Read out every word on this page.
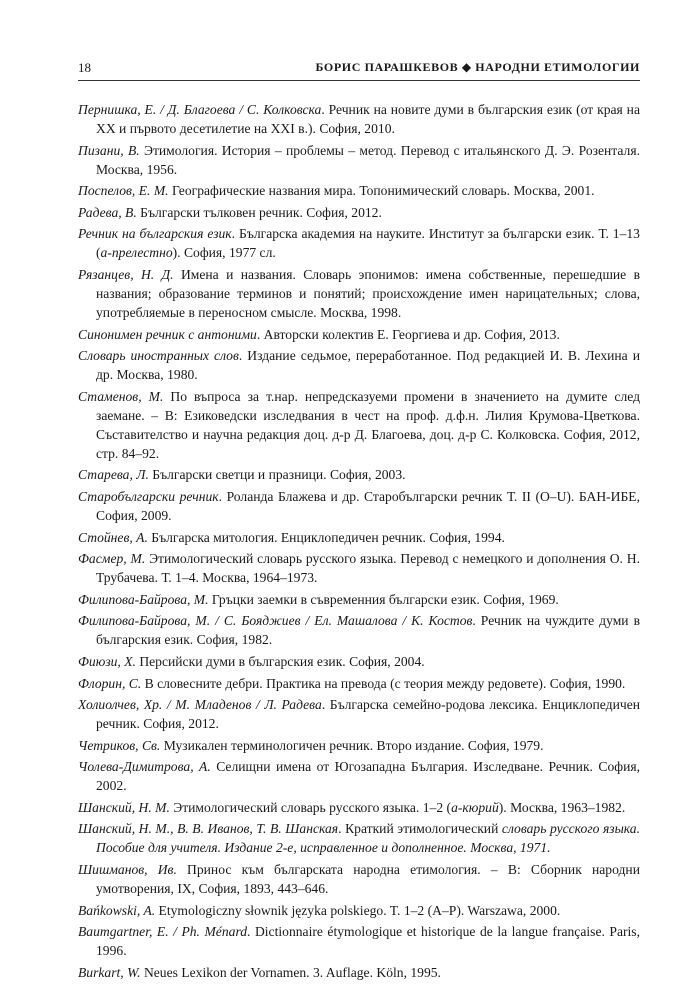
18	БОРИС ПАРАШКЕВОВ ◆ НАРОДНИ ЕТИМОЛОГИИ

Пернишка, Е. / Д. Благоева / С. Колковска. Речник на новите думи в българския език (от края на XX и първото десетилетие на XXI в.). София, 2010.

Пизани, В. Этимология. История – проблемы – метод. Перевод с итальянского Д. Э. Розенталя. Москва, 1956.

Поспелов, Е. М. Географические названия мира. Топонимический словарь. Москва, 2001.

Радева, В. Български тълковен речник. София, 2012.

Речник на българския език. Българска академия на науките. Институт за български език. Т. 1–13 (а-прелестно). София, 1977 сл.

Рязанцев, Н. Д. Имена и названия. Словарь эпонимов: имена собственные, перешедшие в названия; образование терминов и понятий; происхождение имен нарицательных; слова, употребляемые в переносном смысле. Москва, 1998.

Синонимен речник с антоними. Авторски колектив Е. Георгиева и др. София, 2013.

Словарь иностранных слов. Издание седьмое, переработанное. Под редакцией И. В. Лехина и др. Москва, 1980.

Стаменов, М. По въпроса за т.нар. непредсказуеми промени в значението на думите след заемане. – В: Езиковедски изследвания в чест на проф. д.ф.н. Лилия Крумова-Цветкова. Съставителство и научна редакция доц. д-р Д. Благоева, доц. д-р С. Колковска. София, 2012, стр. 84–92.

Старева, Л. Български светци и празници. София, 2003.

Старобългарски речник. Роланда Блажева и др. Старобългарски речник Т. II (О–U). БАН-ИБЕ, София, 2009.

Стойнев, А. Българска митология. Енциклопедичен речник. София, 1994.

Фасмер, М. Этимологический словарь русского языка. Перевод с немецкого и дополнения О. Н. Трубачева. Т. 1–4. Москва, 1964–1973.

Филипова-Байрова, М. Гръцки заемки в съвременния български език. София, 1969.

Филипова-Байрова, М. / С. Бояджиев / Ел. Машалова / К. Костов. Речник на чуждите думи в българския език. София, 1982.

Фиюзи, Х. Персийски думи в българския език. София, 2004.

Флорин, С. В словесните дебри. Практика на превода (с теория между редовете). София, 1990.

Холиолчев, Хр. / М. Младенов / Л. Радева. Българска семейно-родова лексика. Енциклопедичен речник. София, 2012.

Четриков, Св. Музикален терминологичен речник. Второ издание. София, 1979.

Чолева-Димитрова, А. Селищни имена от Югозападна България. Изследване. Речник. София, 2002.

Шанский, Н. М. Этимологический словарь русского языка. 1–2 (а-кюрий). Москва, 1963–1982.

Шанский, Н. М., В. В. Иванов, Т. В. Шанская. Краткий этимологический словарь русского языка. Пособие для учителя. Издание 2-е, исправленное и дополненное. Москва, 1971.

Шишманов, Ив. Принос към българската народна етимология. – В: Сборник народни умотворения, IX, София, 1893, 443–646.

Bańkowski, A. Etymologiczny słownik języka polskiego. T. 1–2 (A–P). Warszawa, 2000.

Baumgartner, E. / Ph. Ménard. Dictionnaire étymologique et historique de la langue française. Paris, 1996.

Burkart, W. Neues Lexikon der Vornamen. 3. Auflage. Köln, 1995.
